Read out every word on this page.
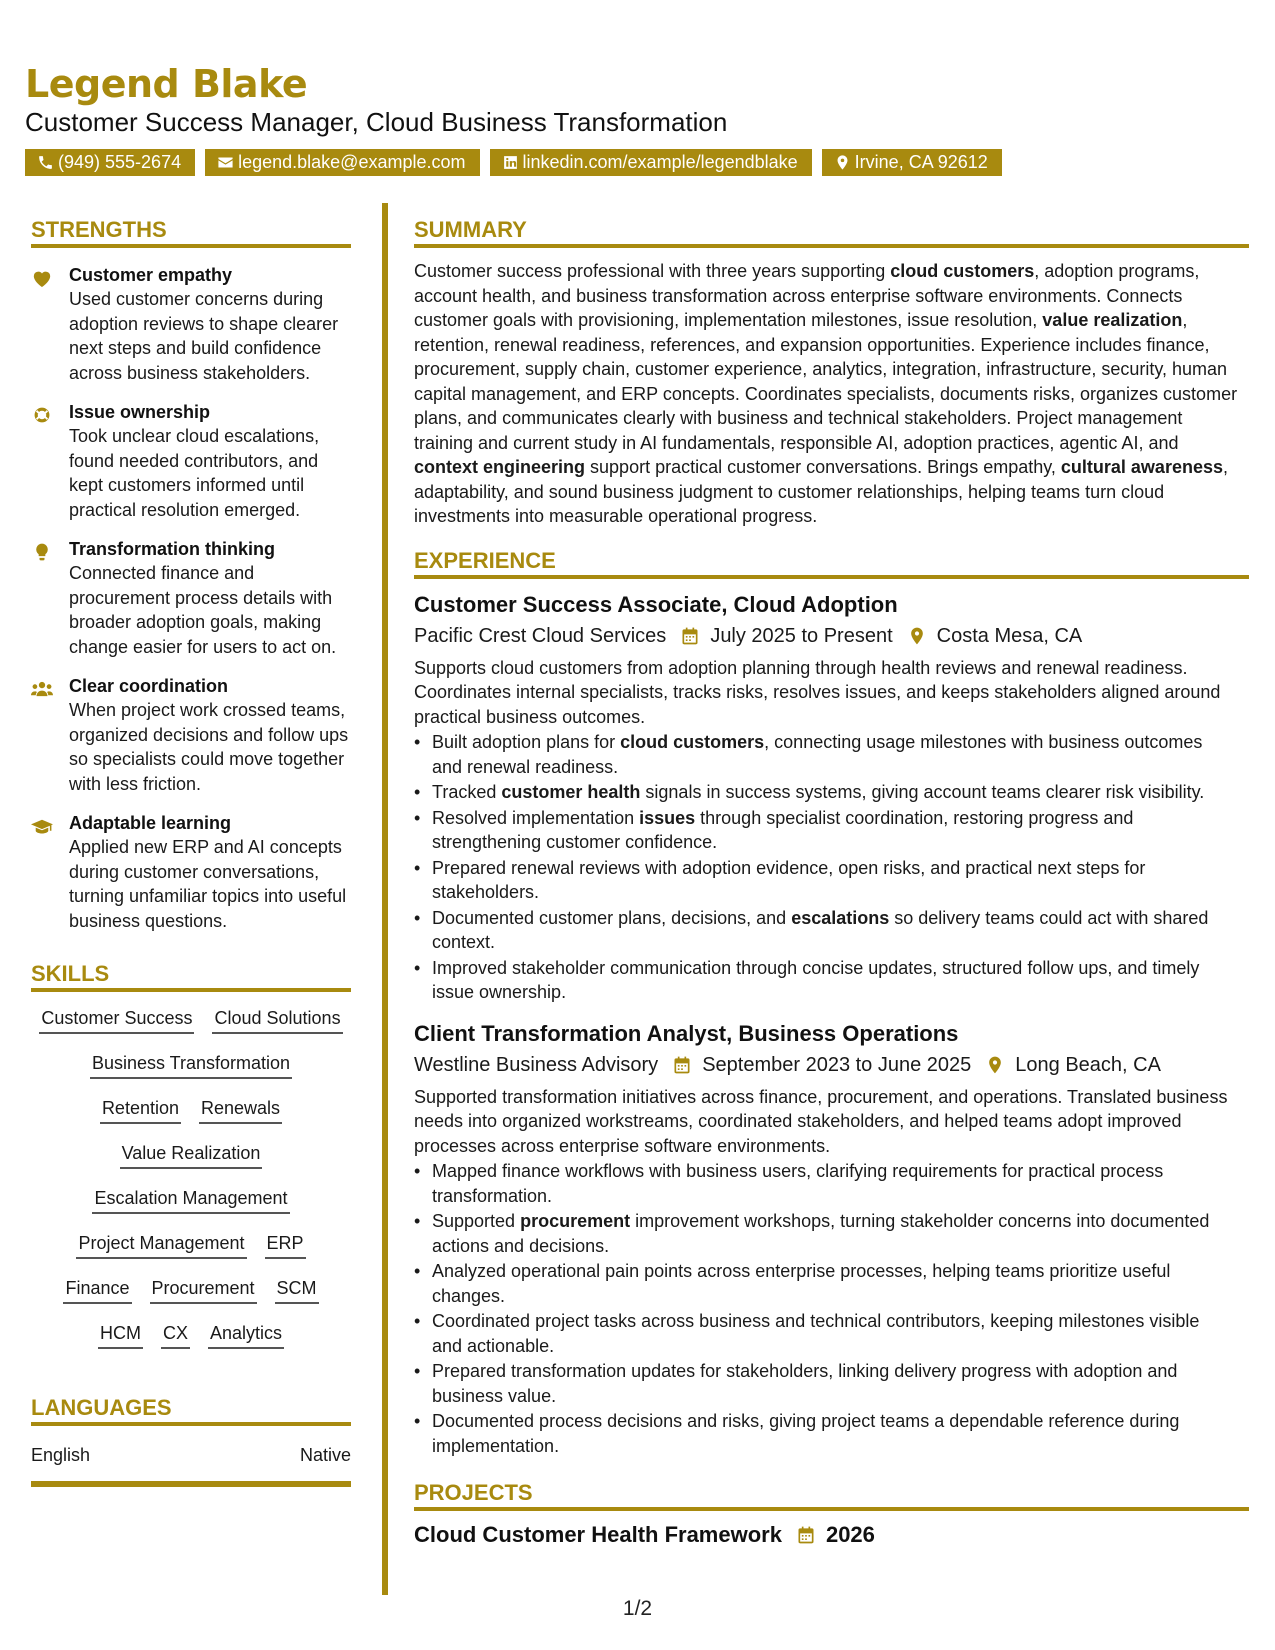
Legend Blake
Customer Success Manager, Cloud Business Transformation
(949) 555-2674	legend.blake@example.com	linkedin.com/example/legendblake	Irvine, CA 92612
STRENGTHS
Customer empathy
Used customer concerns during adoption reviews to shape clearer next steps and build confidence across business stakeholders.
Issue ownership
Took unclear cloud escalations, found needed contributors, and kept customers informed until practical resolution emerged.
Transformation thinking
Connected finance and procurement process details with broader adoption goals, making change easier for users to act on.
Clear coordination
When project work crossed teams, organized decisions and follow ups so specialists could move together with less friction.
Adaptable learning
Applied new ERP and AI concepts during customer conversations, turning unfamiliar topics into useful business questions.
SKILLS
Customer Success Cloud Solutions
Business Transformation
Retention Renewals
Value Realization
Escalation Management
Project Management ERP
Finance Procurement SCM
HCM CX Analytics
LANGUAGES
English	Native
SUMMARY
Customer success professional with three years supporting cloud customers, adoption programs, account health, and business transformation across enterprise software environments. Connects customer goals with provisioning, implementation milestones, issue resolution, value realization, retention, renewal readiness, references, and expansion opportunities. Experience includes finance, procurement, supply chain, customer experience, analytics, integration, infrastructure, security, human capital management, and ERP concepts. Coordinates specialists, documents risks, organizes customer plans, and communicates clearly with business and technical stakeholders. Project management training and current study in AI fundamentals, responsible AI, adoption practices, agentic AI, and context engineering support practical customer conversations. Brings empathy, cultural awareness, adaptability, and sound business judgment to customer relationships, helping teams turn cloud investments into measurable operational progress.
EXPERIENCE
Customer Success Associate, Cloud Adoption
Pacific Crest Cloud Services July 2025 to Present Costa Mesa, CA
Supports cloud customers from adoption planning through health reviews and renewal readiness. Coordinates internal specialists, tracks risks, resolves issues, and keeps stakeholders aligned around practical business outcomes.
• Built adoption plans for cloud customers, connecting usage milestones with business outcomes and renewal readiness.
• Tracked customer health signals in success systems, giving account teams clearer risk visibility.
• Resolved implementation issues through specialist coordination, restoring progress and strengthening customer confidence.
• Prepared renewal reviews with adoption evidence, open risks, and practical next steps for stakeholders.
• Documented customer plans, decisions, and escalations so delivery teams could act with shared context.
• Improved stakeholder communication through concise updates, structured follow ups, and timely issue ownership.
Client Transformation Analyst, Business Operations
Westline Business Advisory September 2023 to June 2025 Long Beach, CA
Supported transformation initiatives across finance, procurement, and operations. Translated business needs into organized workstreams, coordinated stakeholders, and helped teams adopt improved processes across enterprise software environments.
• Mapped finance workflows with business users, clarifying requirements for practical process transformation.
• Supported procurement improvement workshops, turning stakeholder concerns into documented actions and decisions.
• Analyzed operational pain points across enterprise processes, helping teams prioritize useful changes.
• Coordinated project tasks across business and technical contributors, keeping milestones visible and actionable.
• Prepared transformation updates for stakeholders, linking delivery progress with adoption and business value.
• Documented process decisions and risks, giving project teams a dependable reference during implementation.
PROJECTS
Cloud Customer Health Framework 2026
1/2
